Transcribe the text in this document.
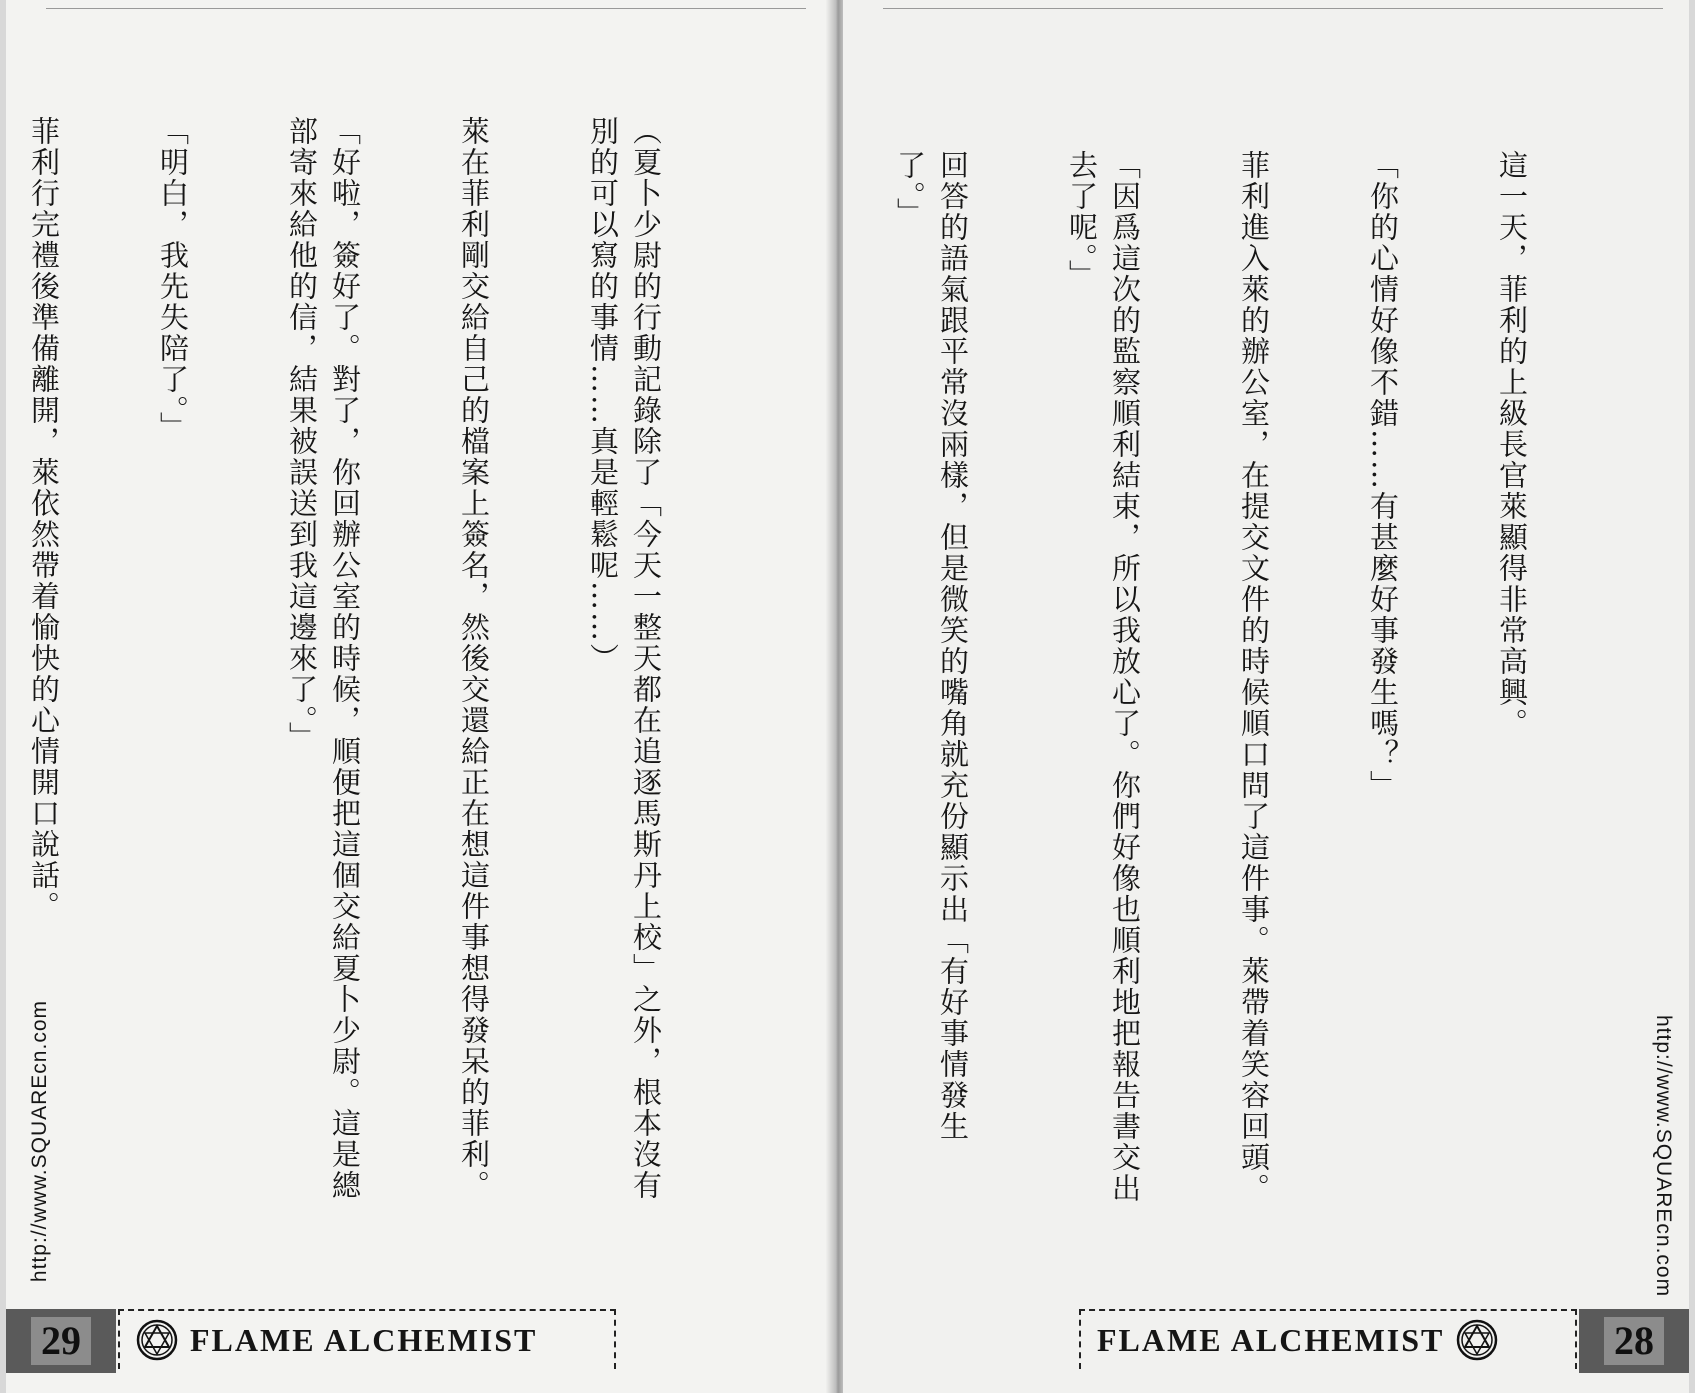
（夏卜少尉的行動記錄除了「今天一整天都在追逐馬斯丹上校」之外，根本沒有別的可以寫的事情……真是輕鬆呢……）

萊在菲利剛交給自己的檔案上簽名，然後交還給正在想這件事想得發呆的菲利。

「好啦，簽好了。對了，你回辦公室的時候，順便把這個交給夏卜少尉。這是總部寄來給他的信，結果被誤送到我這邊來了。」

「明白，我先失陪了。」

菲利行完禮後準備離開，萊依然帶着愉快的心情開口說話。

http://www.SQUAREcn.com
29	FLAME ALCHEMIST

這一天，菲利的上級長官萊顯得非常高興。

「你的心情好像不錯……有甚麼好事發生嗎？」

菲利進入萊的辦公室，在提交文件的時候順口問了這件事。萊帶着笑容回頭。

「因爲這次的監察順利結束，所以我放心了。你們好像也順利地把報告書交出去了呢。」

回答的語氣跟平常沒兩樣，但是微笑的嘴角就充份顯示出「有好事情發生了。」

http://www.SQUAREcn.com
FLAME ALCHEMIST	28
